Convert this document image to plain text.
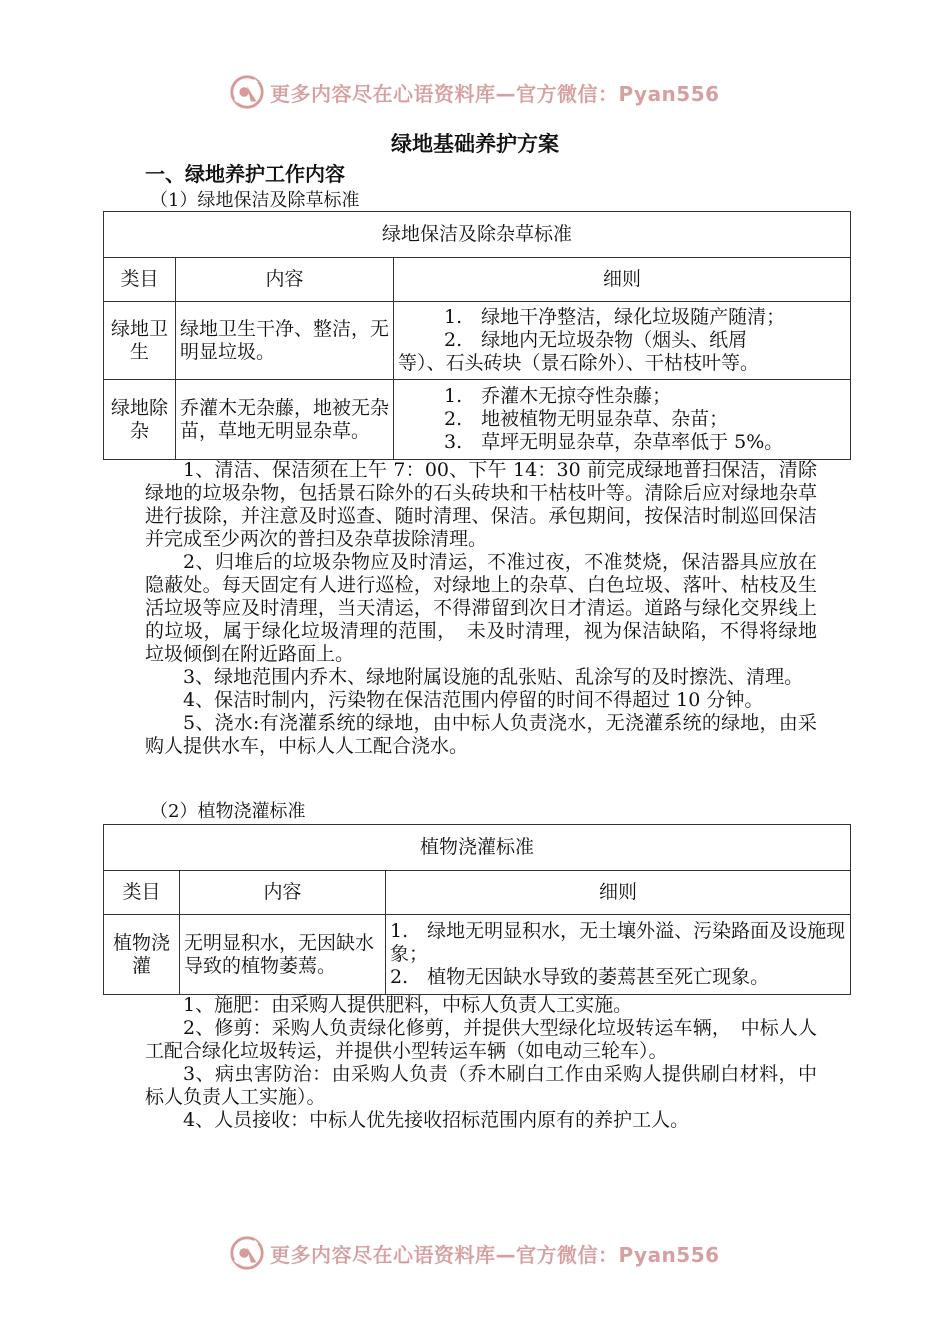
更多内容尽在心语资料库—官方微信：Pyan556
绿地基础养护方案
一、绿地养护工作内容
（1）绿地保洁及除草标准
绿地保洁及除杂草标准		
类目	内容	细则
绿地卫生	绿地卫生干净、整洁，无明显垃圾。	1.　绿地干净整洁，绿化垃圾随产随清；
2.　绿地内无垃圾杂物（烟头、纸屑
等）、石头砖块（景石除外）、干枯枝叶等。

绿地除杂	乔灌木无杂藤，地被无杂苗，草地无明显杂草。	1.　乔灌木无掠夺性杂藤；
2.　地被植物无明显杂草、杂苗；
3.　草坪无明显杂草，杂草率低于 5%。

1、清洁、保洁须在上午 7：00、下午 14：30 前完成绿地普扫保洁，清除绿地的垃圾杂物，包括景石除外的石头砖块和干枯枝叶等。清除后应对绿地杂草进行拔除，并注意及时巡查、随时清理、保洁。承包期间，按保洁时制巡回保洁并完成至少两次的普扫及杂草拔除清理。

2、归堆后的垃圾杂物应及时清运，不准过夜，不准焚烧，保洁器具应放在隐蔽处。每天固定有人进行巡检，对绿地上的杂草、白色垃圾、落叶、枯枝及生活垃圾等应及时清理，当天清运，不得滞留到次日才清运。道路与绿化交界线上的垃圾，属于绿化垃圾清理的范围，　未及时清理，视为保洁缺陷，不得将绿地垃圾倾倒在附近路面上。

3、绿地范围内乔木、绿地附属设施的乱张贴、乱涂写的及时擦洗、清理。

4、保洁时制内，污染物在保洁范围内停留的时间不得超过 10 分钟。

5、浇水:有浇灌系统的绿地，由中标人负责浇水，无浇灌系统的绿地，由采购人提供水车，中标人人工配合浇水。

（2）植物浇灌标准
植物浇灌标准		
类目	内容	细则
植物浇灌	无明显积水，无因缺水导致的植物萎蔫。	1.　绿地无明显积水，无土壤外溢、污染路面及设施现象；
2.　植物无因缺水导致的萎蔫甚至死亡现象。

1、施肥：由采购人提供肥料，中标人负责人工实施。

2、修剪：采购人负责绿化修剪，并提供大型绿化垃圾转运车辆，　中标人人工配合绿化垃圾转运，并提供小型转运车辆（如电动三轮车）。

3、病虫害防治：由采购人负责（乔木刷白工作由采购人提供刷白材料，中标人负责人工实施）。

4、人员接收：中标人优先接收招标范围内原有的养护工人。

更多内容尽在心语资料库—官方微信：Pyan556
